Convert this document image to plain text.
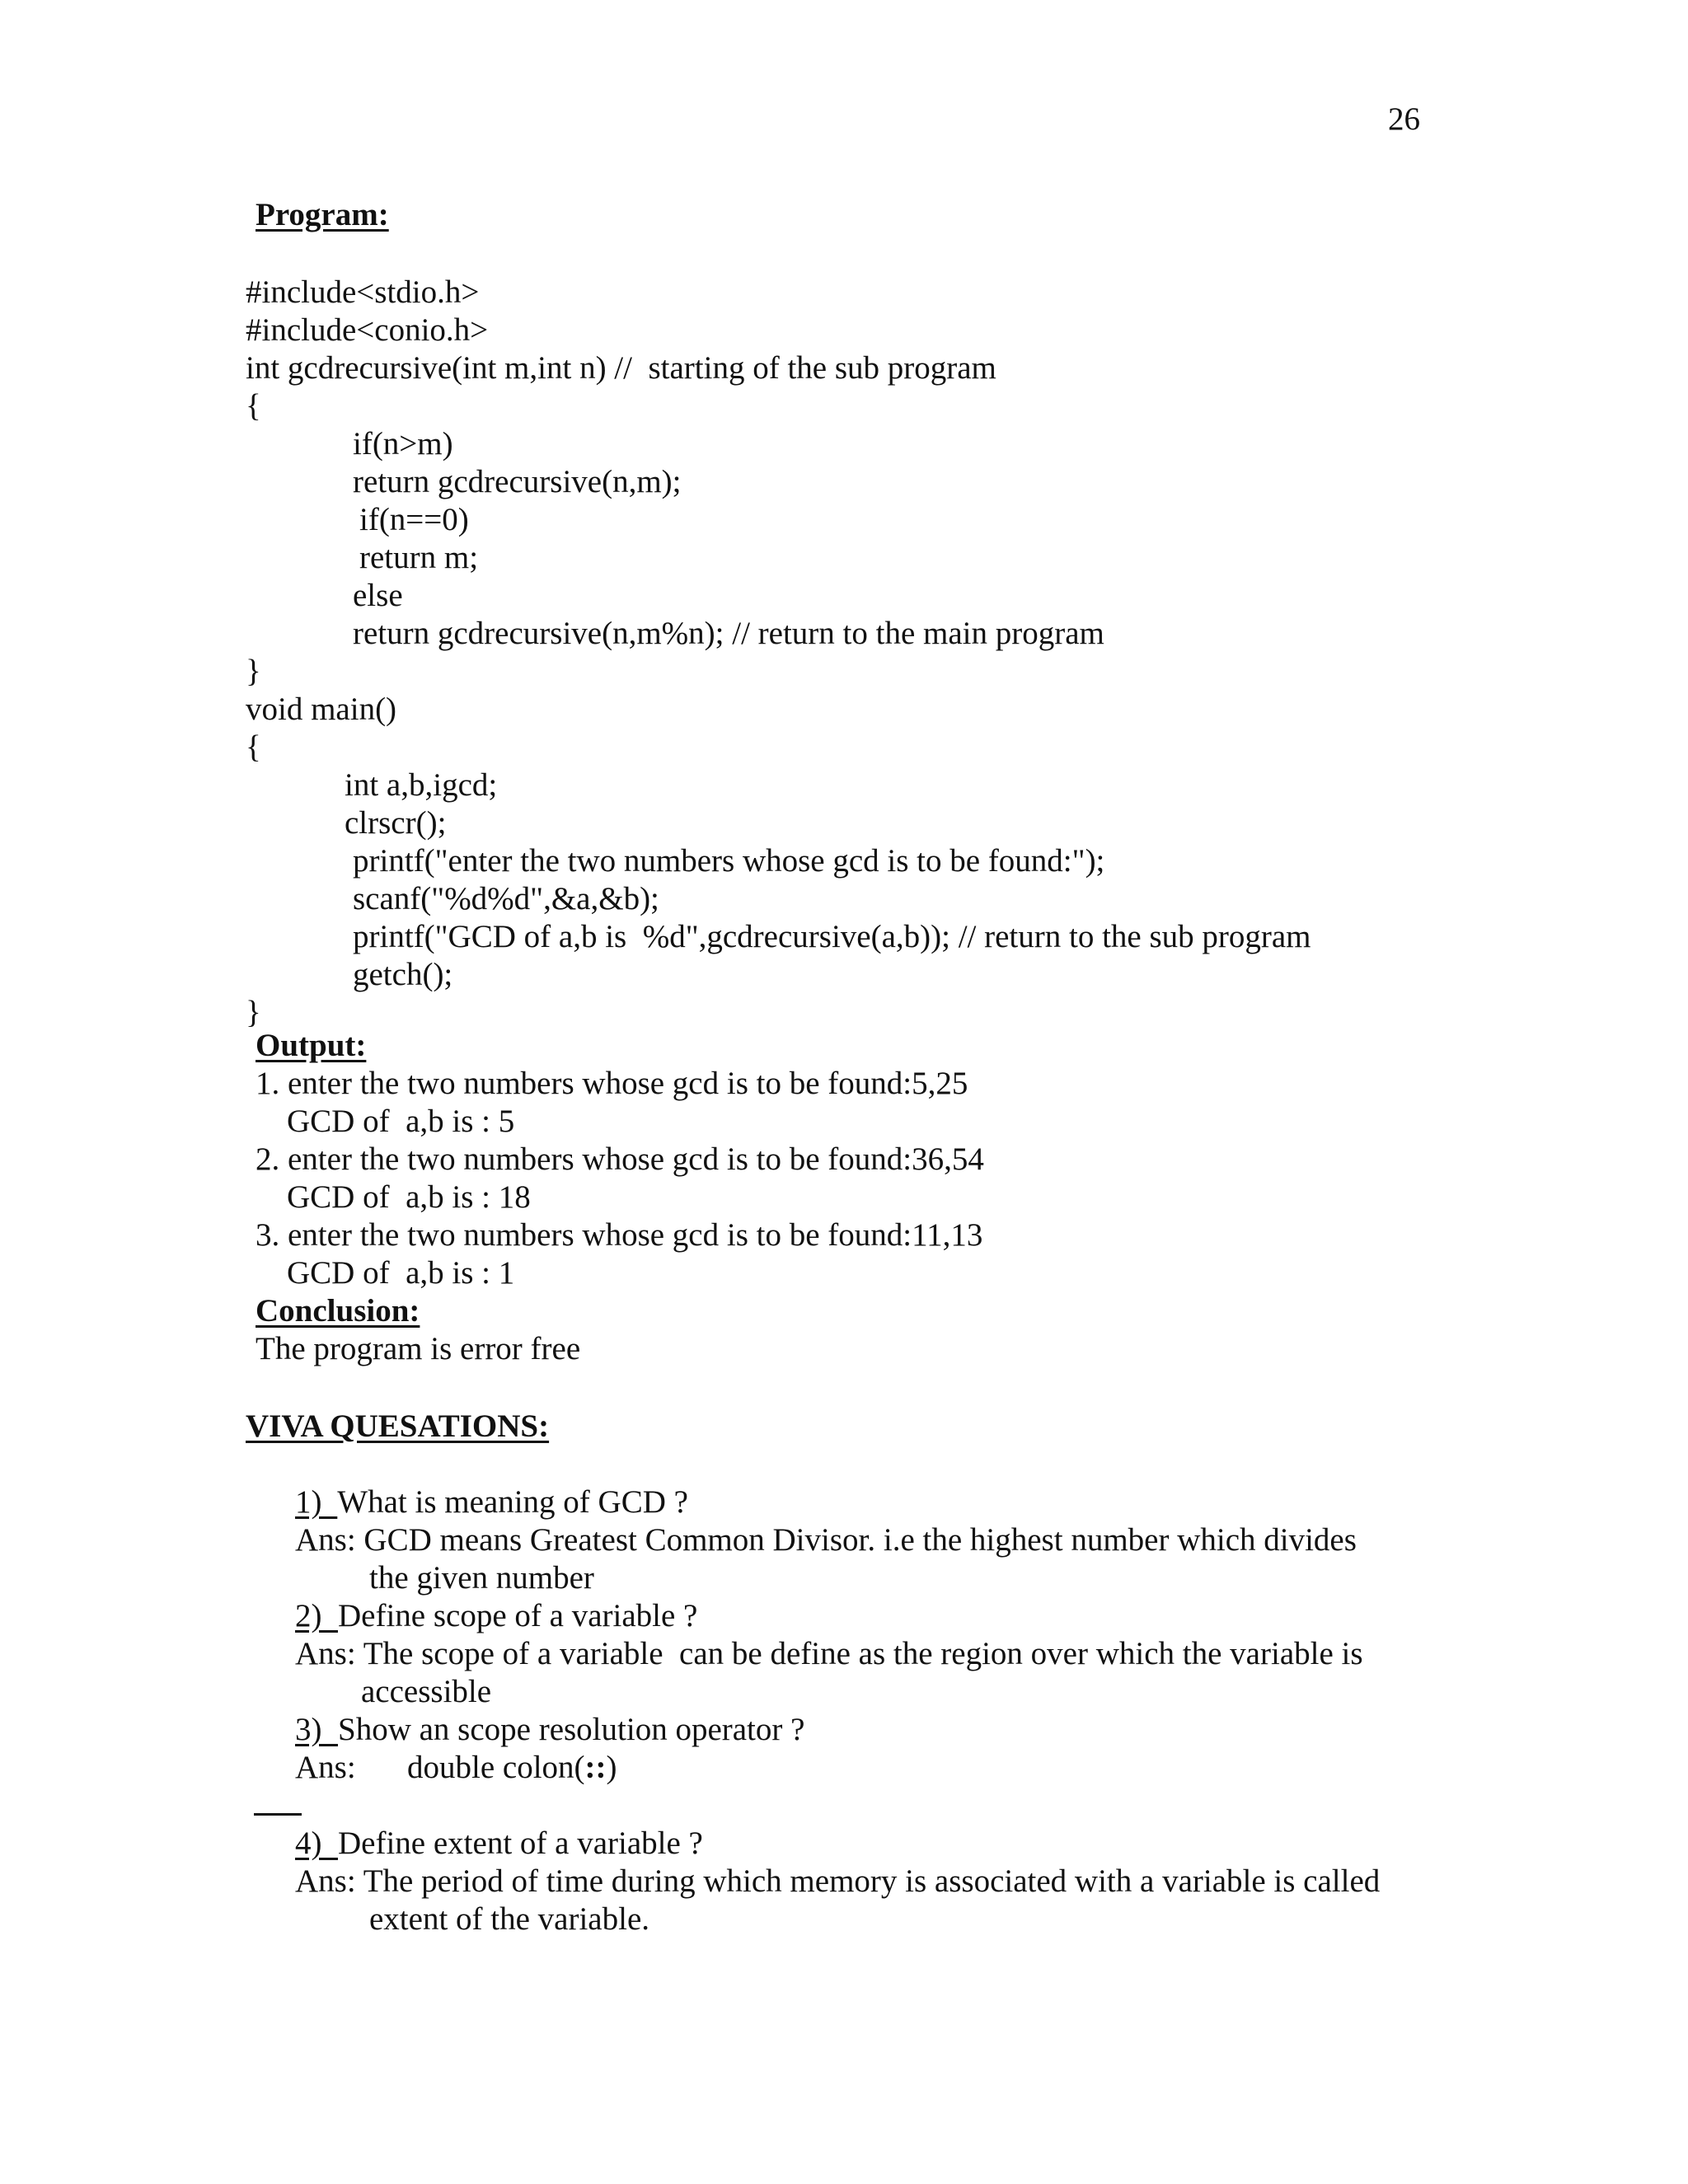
26
Program:
#include<stdio.h>
#include<conio.h>
int gcdrecursive(int m,int n) //  starting of the sub program
{
if(n>m)
return gcdrecursive(n,m);
if(n==0)
return m;
else
return gcdrecursive(n,m%n); // return to the main program
}
void main()
{
int a,b,igcd;
clrscr();
printf("enter the two numbers whose gcd is to be found:");
scanf("%d%d",&a,&b);
printf("GCD of a,b is  %d",gcdrecursive(a,b)); // return to the sub program
getch();
}
Output:
1. enter the two numbers whose gcd is to be found:5,25
GCD of  a,b is : 5
2. enter the two numbers whose gcd is to be found:36,54
GCD of  a,b is : 18
3. enter the two numbers whose gcd is to be found:11,13
GCD of  a,b is : 1
Conclusion:
The program is error free
VIVA QUESATIONS:
1) What is meaning of GCD ?
Ans: GCD means Greatest Common Divisor. i.e the highest number which divides
the given number
2) Define scope of a variable ?
Ans: The scope of a variable  can be define as the region over which the variable is
accessible
3) Show an scope resolution operator ?
Ans: double colon(::)
4) Define extent of a variable ?
Ans: The period of time during which memory is associated with a variable is called
extent of the variable.
